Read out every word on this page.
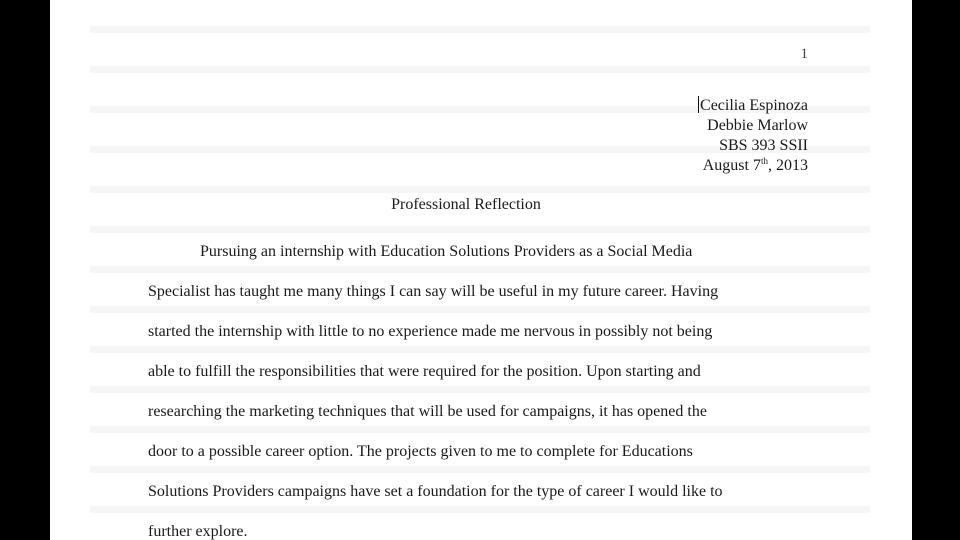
1
Cecilia Espinoza
Debbie Marlow
SBS 393 SSII
August 7th, 2013
Professional Reflection
Pursuing an internship with Education Solutions Providers as a Social Media
Specialist has taught me many things I can say will be useful in my future career. Having
started the internship with little to no experience made me nervous in possibly not being
able to fulfill the responsibilities that were required for the position. Upon starting and
researching the marketing techniques that will be used for campaigns, it has opened the
door to a possible career option. The projects given to me to complete for Educations
Solutions Providers campaigns have set a foundation for the type of career I would like to
further explore.
